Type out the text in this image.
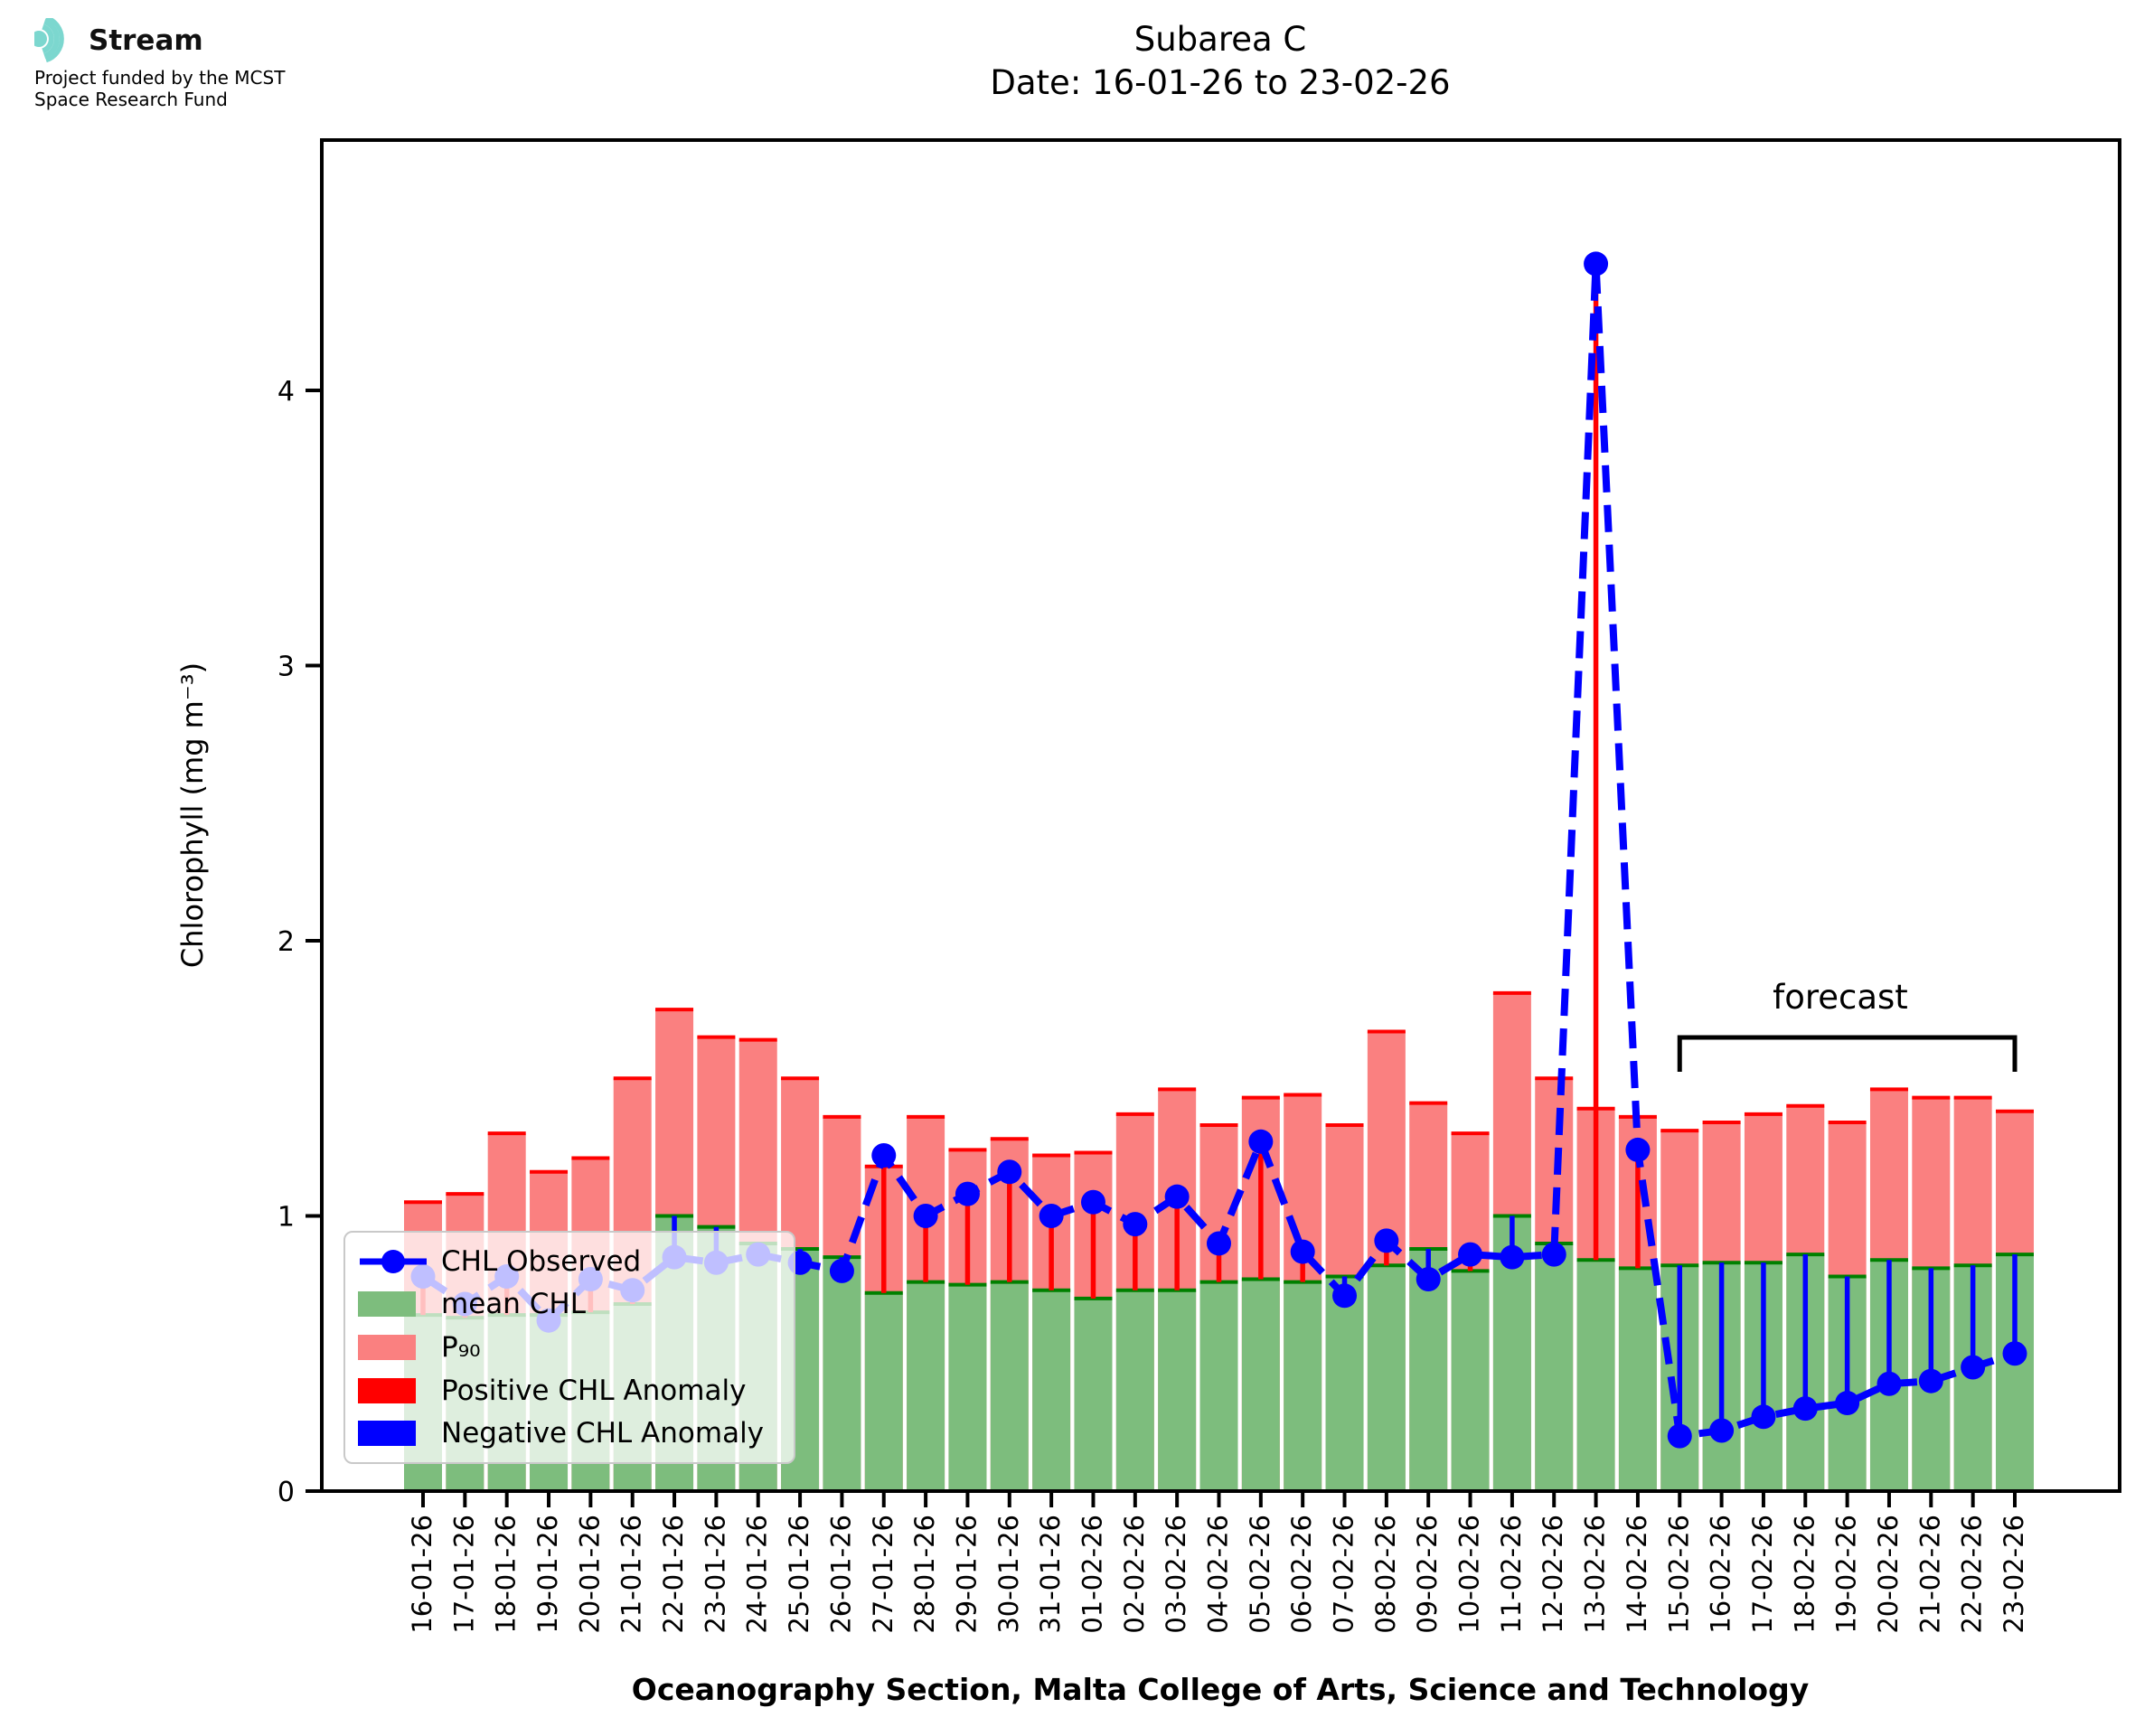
Stream
Project funded by the MCST
Space Research Fund
Subarea C
Date: 16-01-26 to 23-02-26
Chlorophyll (mg m⁻³)
Oceanography Section, Malta College of Arts, Science and Technology
forecast
0
1
2
3
4
16-01-26 17-01-26 18-01-26 19-01-26 20-01-26 21-01-26 22-01-26 23-01-26 24-01-26 25-01-26 26-01-26 27-01-26 28-01-26 29-01-26 30-01-26 31-01-26 01-02-26 02-02-26 03-02-26 04-02-26 05-02-26 06-02-26 07-02-26 08-02-26 09-02-26 10-02-26 11-02-26 12-02-26 13-02-26 14-02-26 15-02-26 16-02-26 17-02-26 18-02-26 19-02-26 20-02-26 21-02-26 22-02-26 23-02-26
CHL Observed
mean CHL
P₉₀
Positive CHL Anomaly
Negative CHL Anomaly
